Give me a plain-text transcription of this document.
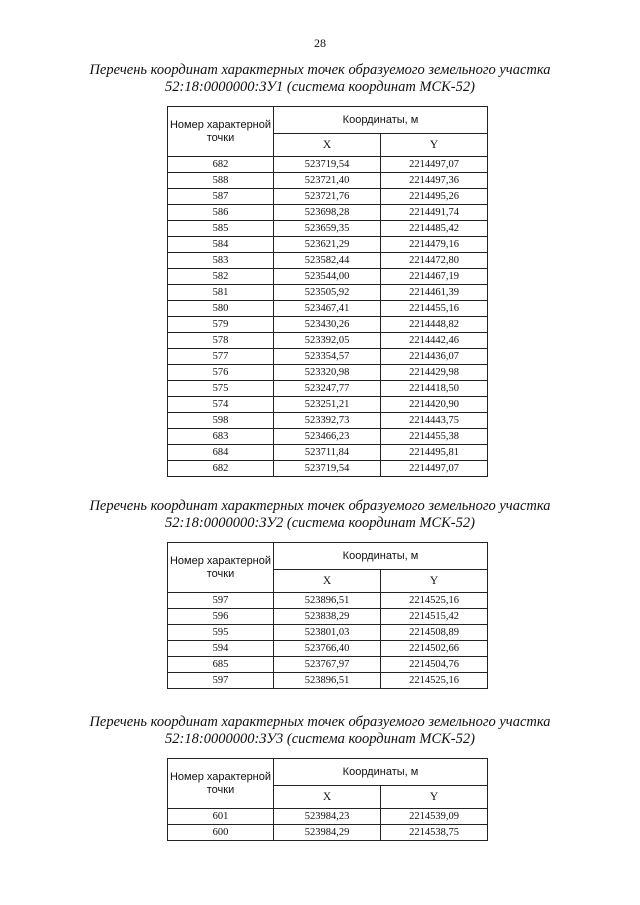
28

Перечень координат характерных точек образуемого земельного участка
52:18:0000000:ЗУ1 (система координат МСК-52)

Номер характерной точки	Координаты, м	
	X	Y
682	523719,54	2214497,07
588	523721,40	2214497,36
587	523721,76	2214495,26
586	523698,28	2214491,74
585	523659,35	2214485,42
584	523621,29	2214479,16
583	523582,44	2214472,80
582	523544,00	2214467,19
581	523505,92	2214461,39
580	523467,41	2214455,16
579	523430,26	2214448,82
578	523392,05	2214442,46
577	523354,57	2214436,07
576	523320,98	2214429,98
575	523247,77	2214418,50
574	523251,21	2214420,90
598	523392,73	2214443,75
683	523466,23	2214455,38
684	523711,84	2214495,81
682	523719,54	2214497,07

Перечень координат характерных точек образуемого земельного участка
52:18:0000000:ЗУ2 (система координат МСК-52)

Номер характерной точки	Координаты, м	
	X	Y
597	523896,51	2214525,16
596	523838,29	2214515,42
595	523801,03	2214508,89
594	523766,40	2214502,66
685	523767,97	2214504,76
597	523896,51	2214525,16

Перечень координат характерных точек образуемого земельного участка
52:18:0000000:ЗУ3 (система координат МСК-52)

Номер характерной точки	Координаты, м	
	X	Y
601	523984,23	2214539,09
600	523984,29	2214538,75
